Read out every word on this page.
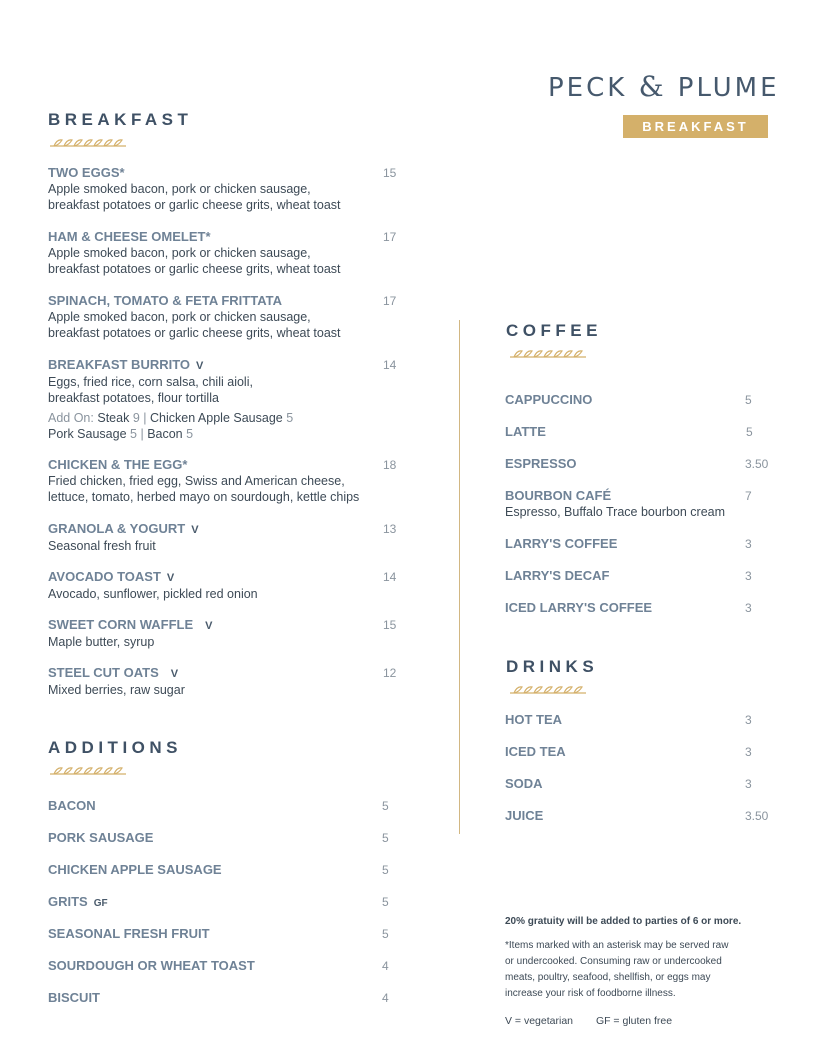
PECK & PLUME
BREAKFAST
BREAKFAST
ADDITIONS
COFFEE
DRINKS
TWO EGGS*	15
Apple smoked bacon, pork or chicken sausage,
breakfast potatoes or garlic cheese grits, wheat toast
HAM & CHEESE OMELET*	17
Apple smoked bacon, pork or chicken sausage,
breakfast potatoes or garlic cheese grits, wheat toast
SPINACH, TOMATO & FETA FRITTATA	17
Apple smoked bacon, pork or chicken sausage,
breakfast potatoes or garlic cheese grits, wheat toast
BREAKFAST BURRITO V	14
Eggs, fried rice, corn salsa, chili aioli,
breakfast potatoes, flour tortilla
Add On: Steak 9 | Chicken Apple Sausage 5
Pork Sausage 5 | Bacon 5
CHICKEN & THE EGG*	18
Fried chicken, fried egg, Swiss and American cheese,
lettuce, tomato, herbed mayo on sourdough, kettle chips
GRANOLA & YOGURT V	13
Seasonal fresh fruit
AVOCADO TOAST V	14
Avocado, sunflower, pickled red onion
SWEET CORN WAFFLE V	15
Maple butter, syrup
STEEL CUT OATS V	12
Mixed berries, raw sugar
BACON	5
PORK SAUSAGE	5
CHICKEN APPLE SAUSAGE	5
GRITS GF	5
SEASONAL FRESH FRUIT	5
SOURDOUGH OR WHEAT TOAST	4
BISCUIT	4
CAPPUCCINO	5
LATTE	5
ESPRESSO	3.50
BOURBON CAFÉ	7
Espresso, Buffalo Trace bourbon cream
LARRY'S COFFEE	3
LARRY'S DECAF	3
ICED LARRY'S COFFEE	3
HOT TEA	3
ICED TEA	3
SODA	3
JUICE	3.50
20% gratuity will be added to parties of 6 or more.
*Items marked with an asterisk may be served raw
or undercooked. Consuming raw or undercooked
meats, poultry, seafood, shellfish, or eggs may
increase your risk of foodborne illness.
V = vegetarian GF = gluten free
